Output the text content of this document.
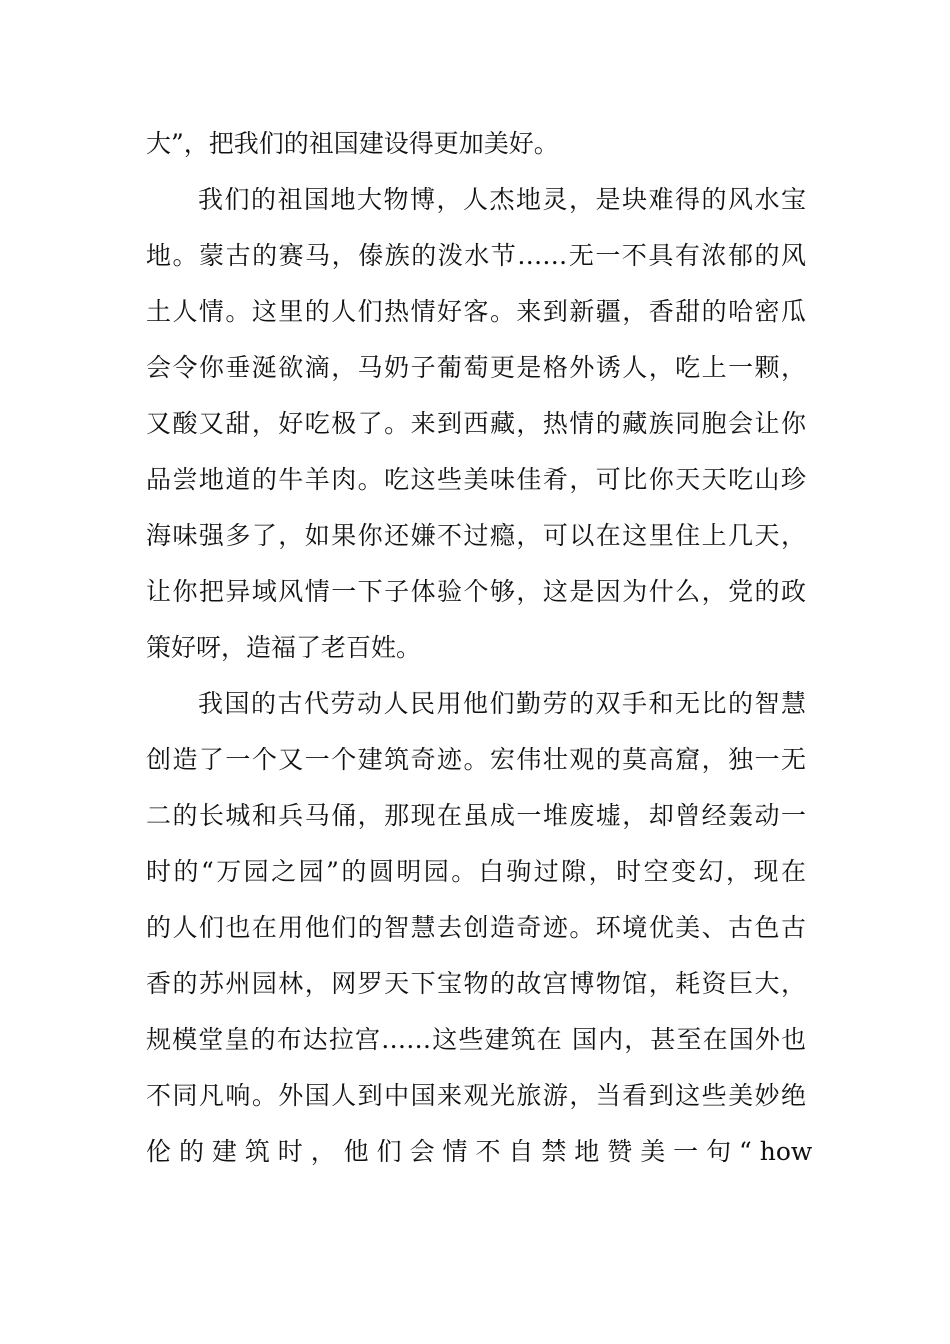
大”，把我们的祖国建设得更加美好。
我们的祖国地大物博，人杰地灵，是块难得的风水宝
地。蒙古的赛马，傣族的泼水节……无一不具有浓郁的风
土人情。这里的人们热情好客。来到新疆，香甜的哈密瓜
会令你垂涎欲滴，马奶子葡萄更是格外诱人，吃上一颗，
又酸又甜，好吃极了。来到西藏，热情的藏族同胞会让你
品尝地道的牛羊肉。吃这些美味佳肴，可比你天天吃山珍
海味强多了，如果你还嫌不过瘾，可以在这里住上几天，
让你把异域风情一下子体验个够，这是因为什么，党的政
策好呀，造福了老百姓。
我国的古代劳动人民用他们勤劳的双手和无比的智慧
创造了一个又一个建筑奇迹。宏伟壮观的莫高窟，独一无
二的长城和兵马俑，那现在虽成一堆废墟，却曾经轰动一
时的“万园之园”的圆明园。白驹过隙，时空变幻，现在
的人们也在用他们的智慧去创造奇迹。环境优美、古色古
香的苏州园林，网罗天下宝物的故宫博物馆，耗资巨大，
规模堂皇的布达拉宫……这些建筑在 国内，甚至在国外也
不同凡响。外国人到中国来观光旅游，当看到这些美妙绝
伦 的 建 筑 时 ， 他 们 会 情 不 自 禁 地 赞 美 一 句 “ how
